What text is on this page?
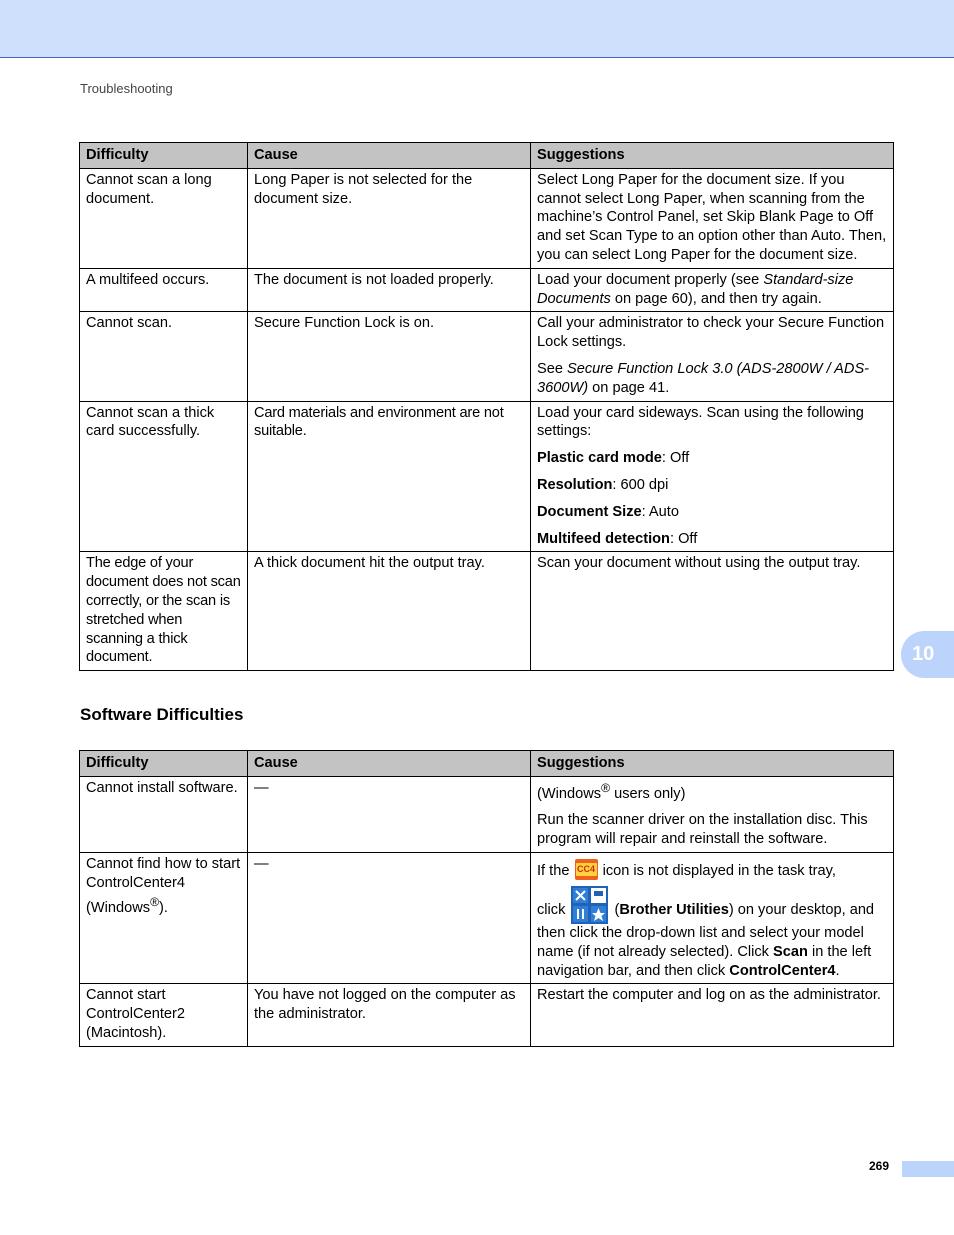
Troubleshooting
Difficulty	Cause	Suggestions
Cannot scan a long document.	Long Paper is not selected for the document size.	Select Long Paper for the document size. If you cannot select Long Paper, when scanning from the machine’s Control Panel, set Skip Blank Page to Off and set Scan Type to an option other than Auto. Then, you can select Long Paper for the document size.
A multifeed occurs.	The document is not loaded properly.	Load your document properly (see Standard-size Documents on page 60), and then try again.
Cannot scan.	Secure Function Lock is on.	Call your administrator to check your Secure Function Lock settings.

See Secure Function Lock 3.0 (ADS-2800W / ADS-3600W) on page 41.

Cannot scan a thick card successfully.	Card materials and environment are not suitable.	Load your card sideways. Scan using the following settings:

Plastic card mode: Off

Resolution: 600 dpi

Document Size: Auto

Multifeed detection: Off

The edge of your document does not scan correctly, or the scan is stretched when scanning a thick document.	A thick document hit the output tray.	Scan your document without using the output tray.
10
Software Difficulties
Difficulty	Cause	Suggestions
Cannot install software.	—	(Windows® users only)

Run the scanner driver on the installation disc. This program will repair and reinstall the software.

Cannot find how to start ControlCenter4 (Windows®).	—	If the CC4 icon is not displayed in the task tray,

click (Brother Utilities) on your desktop, and then click the drop-down list and select your model name (if not already selected). Click Scan in the left navigation bar, and then click ControlCenter4.

Cannot start ControlCenter2 (Macintosh).	You have not logged on the computer as the administrator.	Restart the computer and log on as the administrator.
269
